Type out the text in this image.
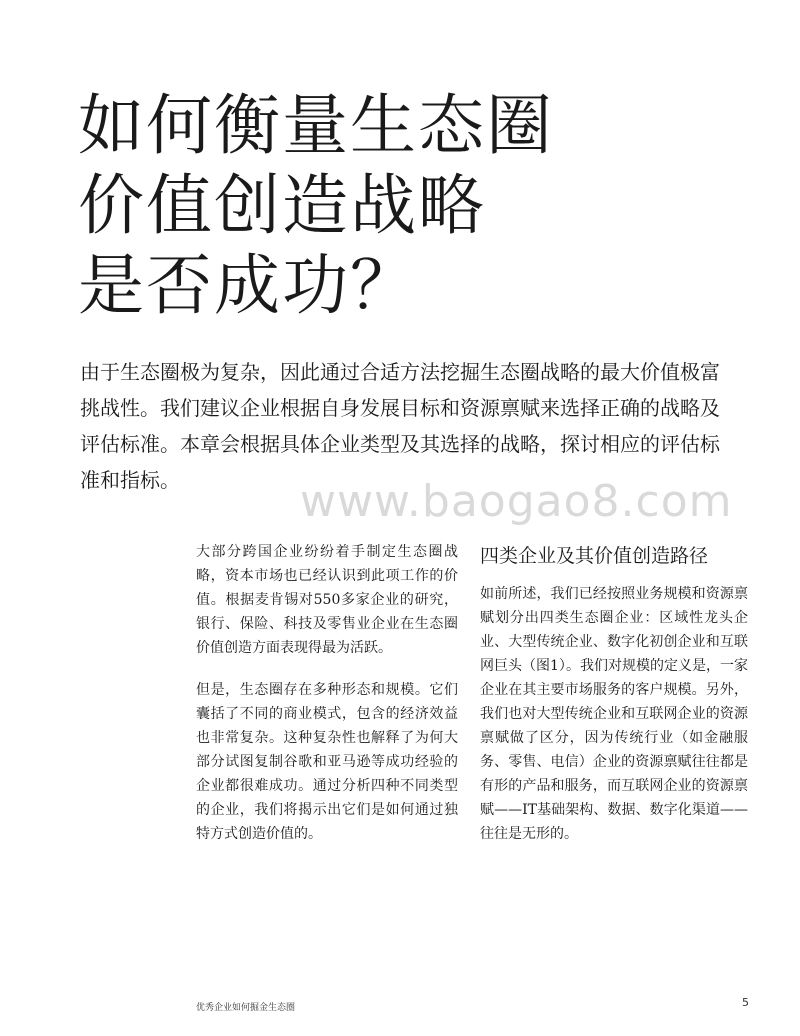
如何衡量生态圈
价值创造战略
是否成功？

由于生态圈极为复杂，因此通过合适方法挖掘生态圈战略的最大价值极富挑战性。我们建议企业根据自身发展目标和资源禀赋来选择正确的战略及评估标准。本章会根据具体企业类型及其选择的战略，探讨相应的评估标准和指标。	www.baogao8.com

大部分跨国企业纷纷着手制定生态圈战略，资本市场也已经认识到此项工作的价值。根据麦肯锡对550多家企业的研究，银行、保险、科技及零售业企业在生态圈价值创造方面表现得最为活跃。

但是，生态圈存在多种形态和规模。它们囊括了不同的商业模式，包含的经济效益也非常复杂。这种复杂性也解释了为何大部分试图复制谷歌和亚马逊等成功经验的企业都很难成功。通过分析四种不同类型的企业，我们将揭示出它们是如何通过独特方式创造价值的。

四类企业及其价值创造路径

如前所述，我们已经按照业务规模和资源禀赋划分出四类生态圈企业：区域性龙头企业、大型传统企业、数字化初创企业和互联网巨头（图1）。我们对规模的定义是，一家企业在其主要市场服务的客户规模。另外，我们也对大型传统企业和互联网企业的资源禀赋做了区分，因为传统行业（如金融服务、零售、电信）企业的资源禀赋往往都是有形的产品和服务，而互联网企业的资源禀赋——IT基础架构、数据、数字化渠道——往往是无形的。

优秀企业如何掘金生态圈	5
